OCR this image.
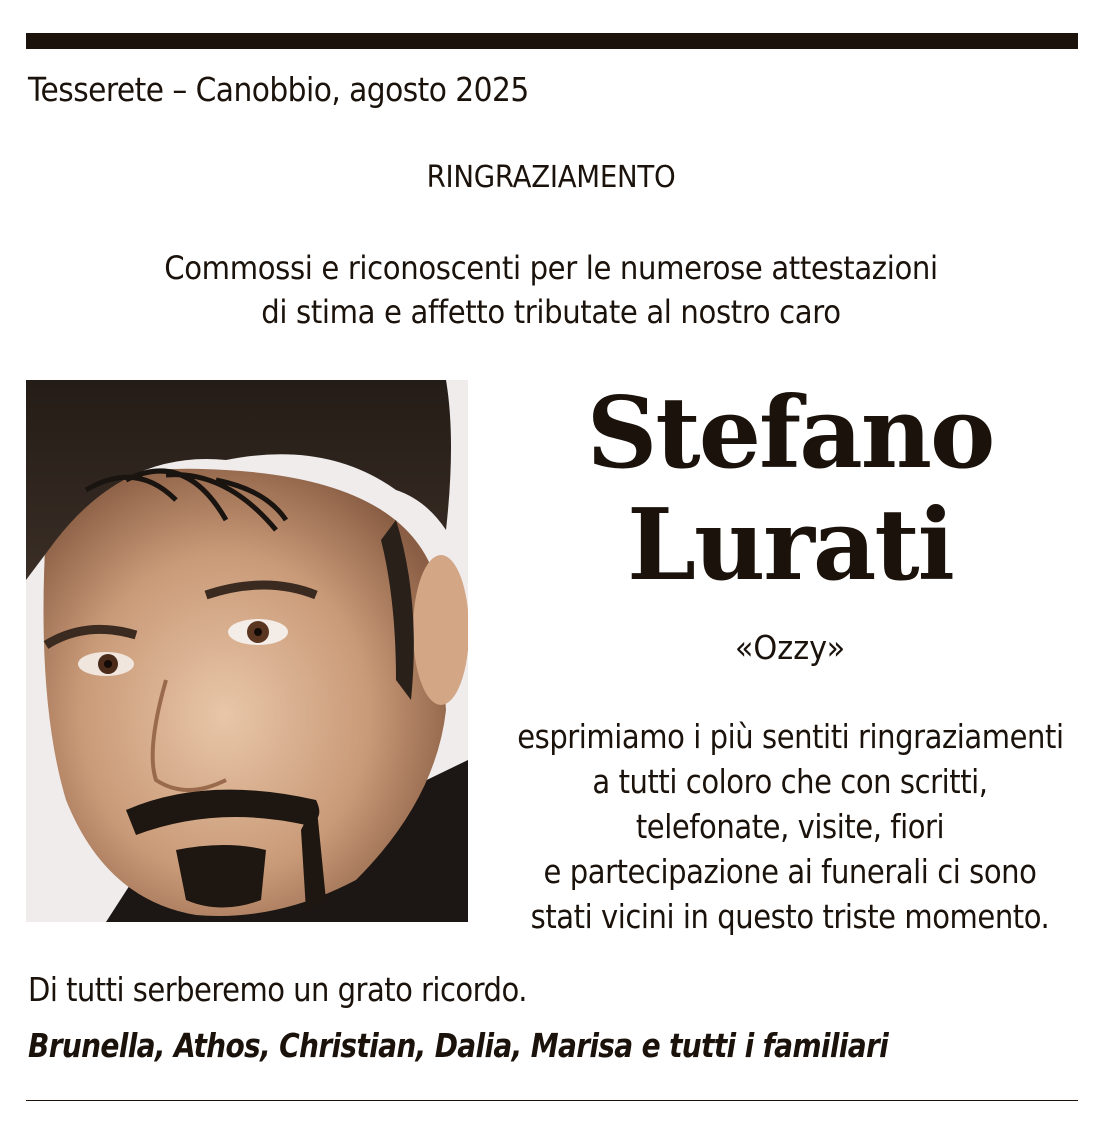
Tesserete – Canobbio, agosto 2025
RINGRAZIAMENTO
Commossi e riconoscenti per le numerose attestazioni
di stima e affetto tributate al nostro caro
Stefano
Lurati
«Ozzy»
esprimiamo i più sentiti ringraziamenti
a tutti coloro che con scritti,
telefonate, visite, fiori
e partecipazione ai funerali ci sono
stati vicini in questo triste momento.
Di tutti serberemo un grato ricordo.
Brunella, Athos, Christian, Dalia, Marisa e tutti i familiari
